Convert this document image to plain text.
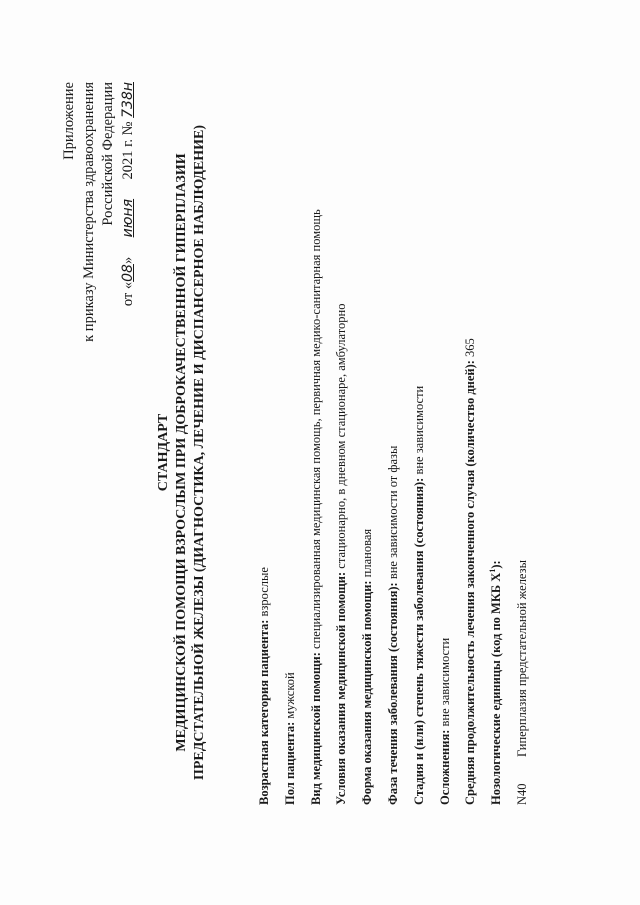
Приложение к приказу Министерства здравоохранения Российской Федерации
от «08» июня 2021 г. № 738н
СТАНДАРТ МЕДИЦИНСКОЙ ПОМОЩИ ВЗРОСЛЫМ ПРИ ДОБРОКАЧЕСТВЕННОЙ ГИПЕРПЛАЗИИ ПРЕДСТАТЕЛЬНОЙ ЖЕЛЕЗЫ (ДИАГНОСТИКА, ЛЕЧЕНИЕ И ДИСПАНСЕРНОЕ НАБЛЮДЕНИЕ)	Возрастная категория пациента: взрослые
Пол пациента: мужской Вид медицинской помощи: специализированная медицинская помощь, первичная медико-санитарная помощь
Условия оказания медицинской помощи: стационарно, в дневном стационаре, амбулаторно
Форма оказания медицинской помощи: плановая
Фаза течения заболевания (состояния): вне зависимости от фазы Стадия и (или) степень тяжести заболевания (состояния): вне зависимости
Осложнения: вне зависимости Средняя продолжительность лечения законченного случая (количество дней): 365
Нозологические единицы (код по МКБ $X^1$):
N40Гиперплазия предстательной железы
